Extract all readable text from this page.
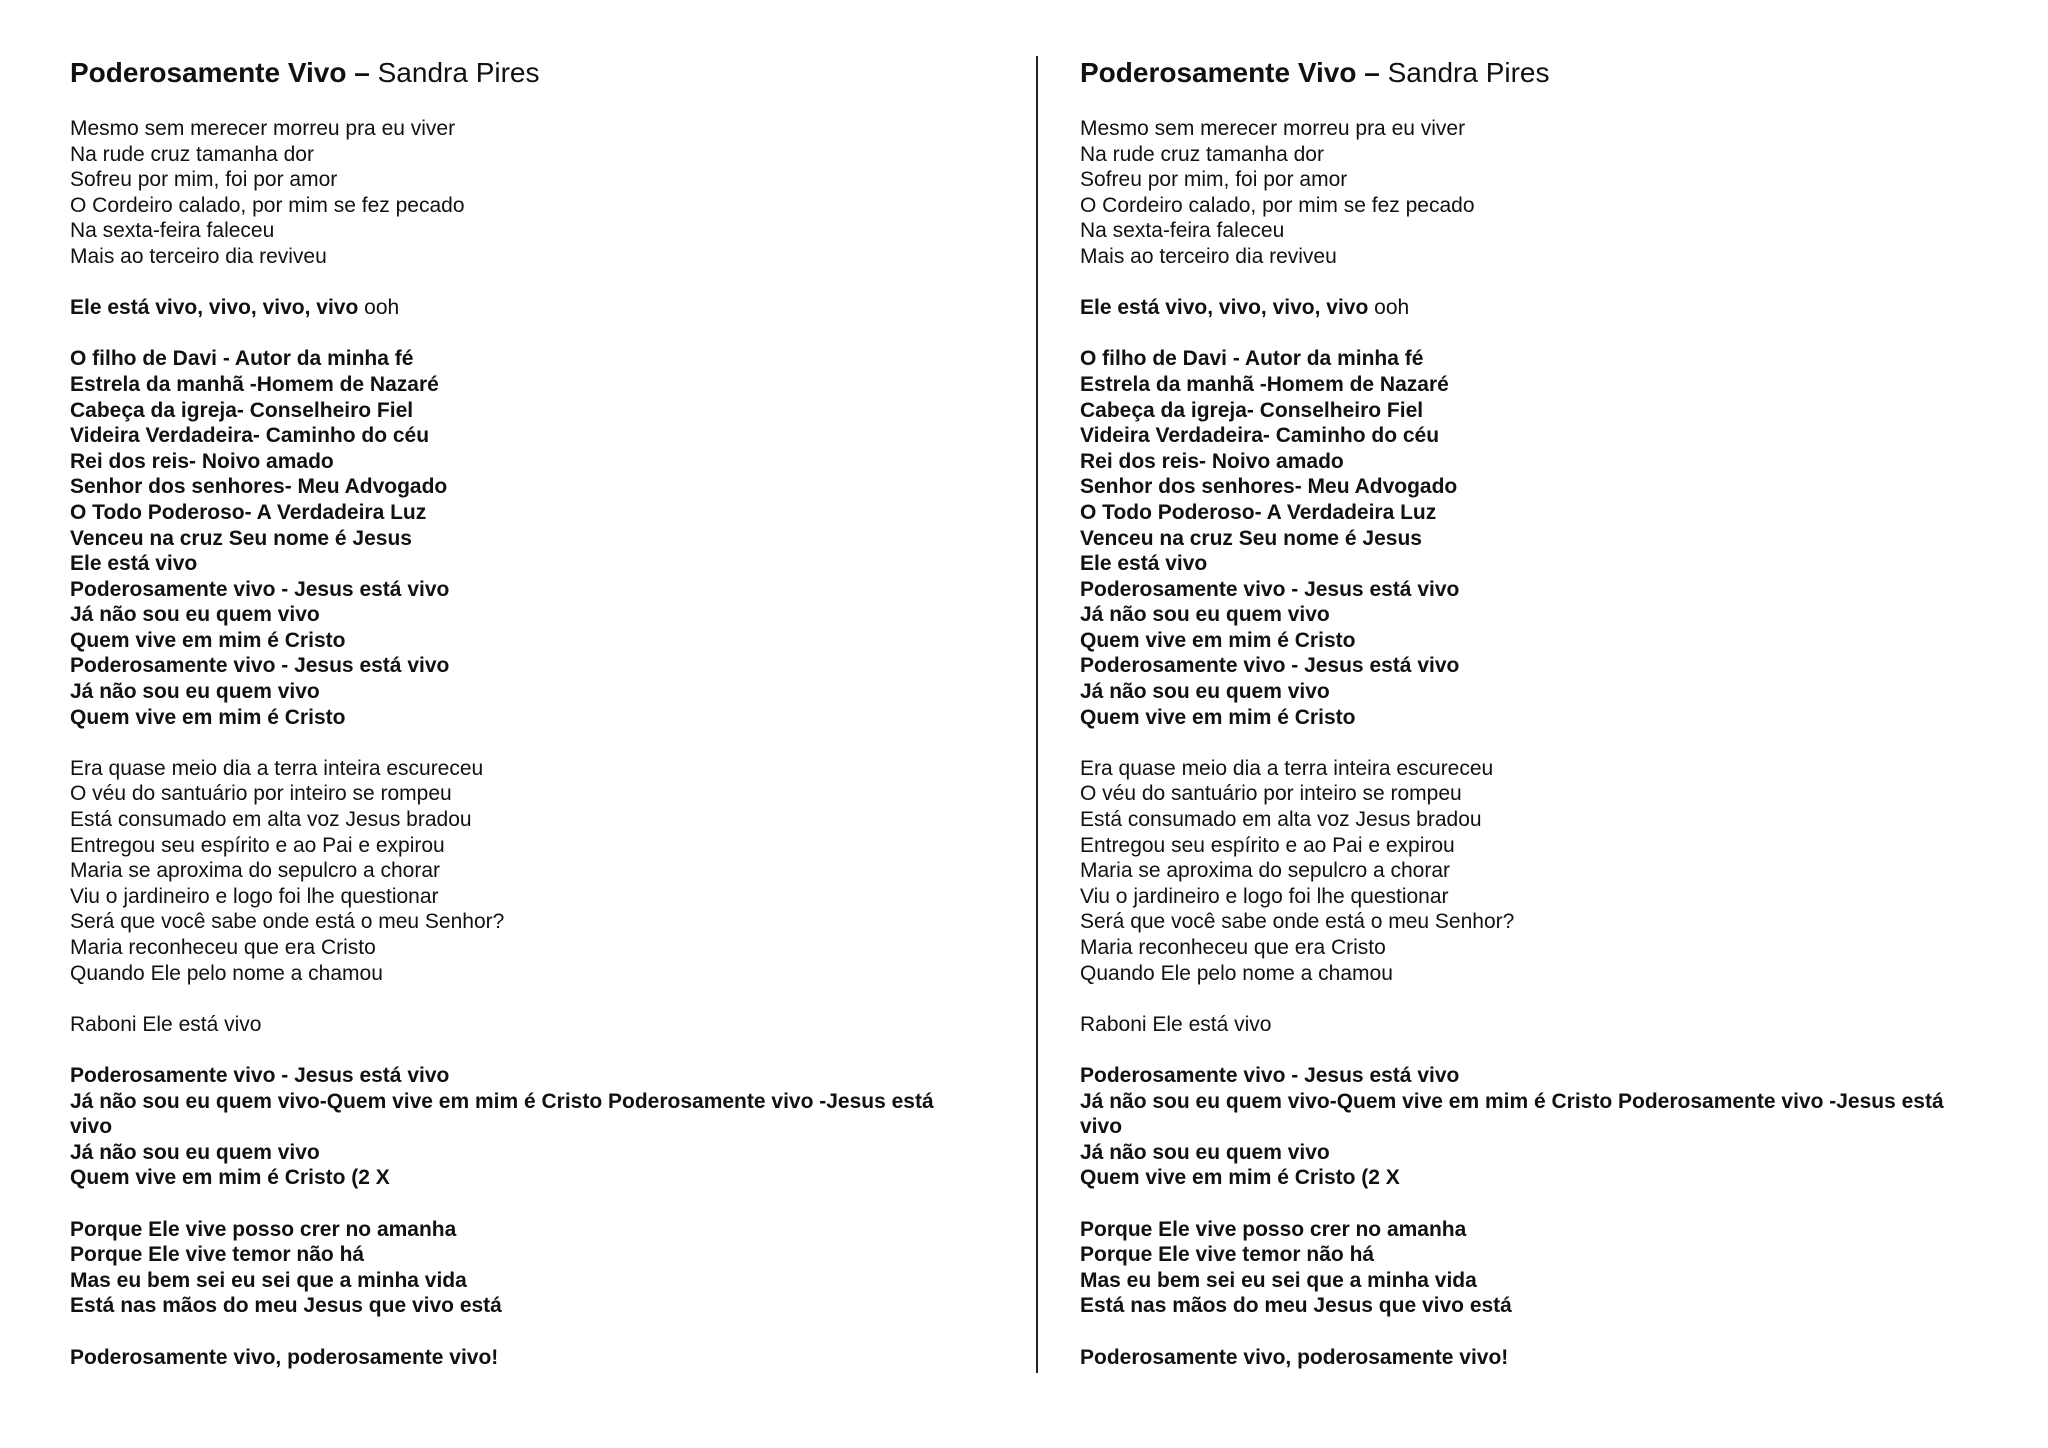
Poderosamente Vivo – Sandra Pires

Mesmo sem merecer morreu pra eu viver

Na rude cruz tamanha dor

Sofreu por mim, foi por amor

O Cordeiro calado, por mim se fez pecado

Na sexta-feira faleceu

Mais ao terceiro dia reviveu

Ele está vivo, vivo, vivo, vivo ooh

O filho de Davi - Autor da minha fé

Estrela da manhã -Homem de Nazaré

Cabeça da igreja- Conselheiro Fiel

Videira Verdadeira- Caminho do céu

Rei dos reis- Noivo amado

Senhor dos senhores- Meu Advogado

O Todo Poderoso- A Verdadeira Luz

Venceu na cruz Seu nome é Jesus

Ele está vivo

Poderosamente vivo - Jesus está vivo

Já não sou eu quem vivo

Quem vive em mim é Cristo

Poderosamente vivo - Jesus está vivo

Já não sou eu quem vivo

Quem vive em mim é Cristo

Era quase meio dia a terra inteira escureceu

O véu do santuário por inteiro se rompeu

Está consumado em alta voz Jesus bradou

Entregou seu espírito e ao Pai e expirou

Maria se aproxima do sepulcro a chorar

Viu o jardineiro e logo foi lhe questionar

Será que você sabe onde está o meu Senhor?

Maria reconheceu que era Cristo

Quando Ele pelo nome a chamou

Raboni Ele está vivo

Poderosamente vivo - Jesus está vivo

Já não sou eu quem vivo-Quem vive em mim é Cristo Poderosamente vivo -Jesus está

vivo

Já não sou eu quem vivo

Quem vive em mim é Cristo (2 X

Porque Ele vive posso crer no amanha

Porque Ele vive temor não há

Mas eu bem sei eu sei que a minha vida

Está nas mãos do meu Jesus que vivo está

Poderosamente vivo, poderosamente vivo!

Poderosamente Vivo – Sandra Pires

Mesmo sem merecer morreu pra eu viver

Na rude cruz tamanha dor

Sofreu por mim, foi por amor

O Cordeiro calado, por mim se fez pecado

Na sexta-feira faleceu

Mais ao terceiro dia reviveu

Ele está vivo, vivo, vivo, vivo ooh

O filho de Davi - Autor da minha fé

Estrela da manhã -Homem de Nazaré

Cabeça da igreja- Conselheiro Fiel

Videira Verdadeira- Caminho do céu

Rei dos reis- Noivo amado

Senhor dos senhores- Meu Advogado

O Todo Poderoso- A Verdadeira Luz

Venceu na cruz Seu nome é Jesus

Ele está vivo

Poderosamente vivo - Jesus está vivo

Já não sou eu quem vivo

Quem vive em mim é Cristo

Poderosamente vivo - Jesus está vivo

Já não sou eu quem vivo

Quem vive em mim é Cristo

Era quase meio dia a terra inteira escureceu

O véu do santuário por inteiro se rompeu

Está consumado em alta voz Jesus bradou

Entregou seu espírito e ao Pai e expirou

Maria se aproxima do sepulcro a chorar

Viu o jardineiro e logo foi lhe questionar

Será que você sabe onde está o meu Senhor?

Maria reconheceu que era Cristo

Quando Ele pelo nome a chamou

Raboni Ele está vivo

Poderosamente vivo - Jesus está vivo

Já não sou eu quem vivo-Quem vive em mim é Cristo Poderosamente vivo -Jesus está

vivo

Já não sou eu quem vivo

Quem vive em mim é Cristo (2 X

Porque Ele vive posso crer no amanha

Porque Ele vive temor não há

Mas eu bem sei eu sei que a minha vida

Está nas mãos do meu Jesus que vivo está

Poderosamente vivo, poderosamente vivo!
